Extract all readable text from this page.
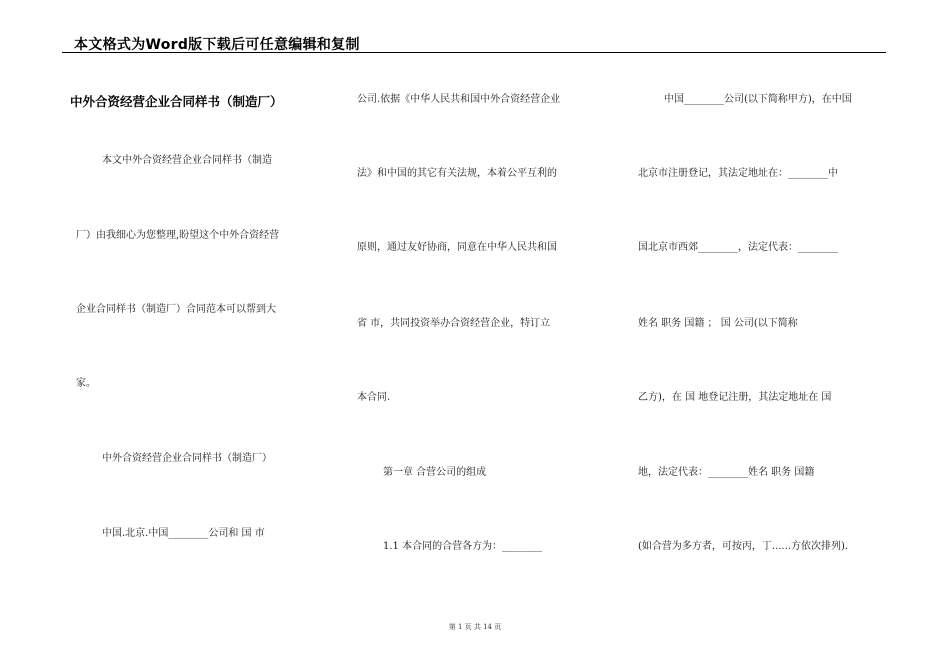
本文格式为Word版下载后可任意编辑和复制
中外合资经营企业合同样书（制造厂）
本文中外合资经营企业合同样书（制造
厂）由我细心为您整理,盼望这个中外合资经营
企业合同样书（制造厂）合同范本可以帮到大
家。
中外合资经营企业合同样书（制造厂）
中国.北京.中国________公司和 国 市
公司.依据《中华人民共和国中外合资经营企业
法》和中国的其它有关法规，本着公平互利的
原则，通过友好协商，同意在中华人民共和国
省 市，共同投资举办合资经营企业，特订立
本合同.
第一章 合营公司的组成
1.1 本合同的合营各方为：________
中国________公司(以下简称甲方)，在中国
北京市注册登记，其法定地址在：________中
国北京市西郊________，法定代表：________
姓名 职务 国籍 ； 国 公司(以下简称
乙方)，在 国 地登记注册，其法定地址在 国
地，法定代表：________姓名 职务 国籍
(如合营为多方者，可按丙，丁......方依次排列).
第 1 页 共 14 页
